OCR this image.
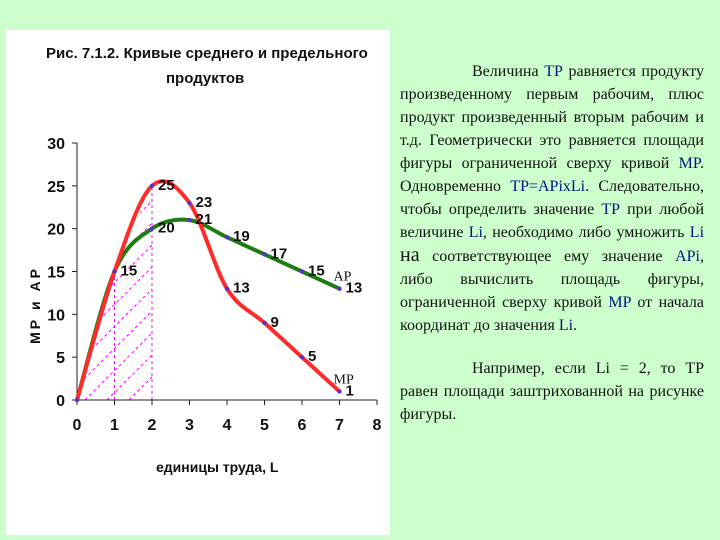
Рис. 7.1.2. Кривые среднего и предельного
продуктов
0 1 2 3 4 5 6 7 8
0
5
10
15
20
25
30
15
25
20
23
21
19
13
17
9
15
5
13
1
АР
МР
единицы труда, L
МР и АР

Величина ТР равняется продукту произведенному первым рабочим, плюс продукт произведенный вторым рабочим и т.д. Геометрически это равняется площади фигуры ограниченной сверху кривой MP. Одновременно TP=APixLi. Следовательно, чтобы определить значение ТР при любой величине Li, необходимо либо умножить Li на соответствующее ему значение APi, либо вычислить площадь фигуры, ограниченной сверху кривой MP от начала координат до значения Li.

Например, если Li = 2, то ТР равен площади заштрихованной на рисунке фигуры.
